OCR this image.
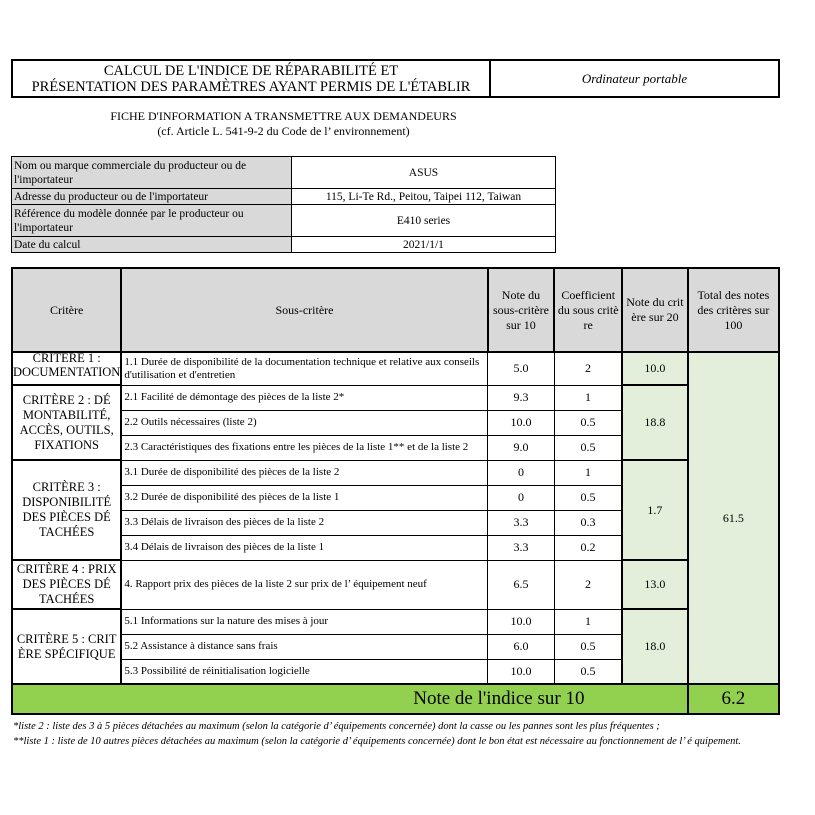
CALCUL DE L'INDICE DE RÉPARABILITÉ ET
PRÉSENTATION DES PARAMÈTRES AYANT PERMIS DE L'ÉTABLIR
Ordinateur portable
FICHE D'INFORMATION A TRANSMETTRE AUX DEMANDEURS
(cf. Article L. 541-9-2 du Code de l’ environnement)
Nom ou marque commerciale du producteur ou de l'importateur	ASUS
Adresse du producteur ou de l'importateur	115, Li-Te Rd., Peitou, Taipei 112, Taiwan
Référence du modèle donnée par le producteur ou l'importateur	E410 series
Date du calcul	2021/1/1
Critère	Sous-critère	Note du sous-critère sur 10	Coefficient du sous critè re	Note du crit ère sur 20	Total des notes des critères sur 100

CRITÈRE 1 : DOCUMENTATION	1.1 Durée de disponibilité de la documentation technique et relative aux conseils d'utilisation et d'entretien	5.0	2	10.0	61.5
CRITÈRE 2 : DÉ MONTABILITÉ, ACCÈS, OUTILS, FIXATIONS	2.1 Facilité de démontage des pièces de la liste 2*	9.3	1	18.8	
	2.2 Outils nécessaires (liste 2)	10.0	0.5		
	2.3 Caractéristiques des fixations entre les pièces de la liste 1** et de la liste 2	9.0	0.5		
CRITÈRE 3 : DISPONIBILITÉ DES PIÈCES DÉ TACHÉES	3.1 Durée de disponibilité des pièces de la liste 2	0	1	1.7	
	3.2 Durée de disponibilité des pièces de la liste 1	0	0.5		
	3.3 Délais de livraison des pièces de la liste 2	3.3	0.3		
	3.4 Délais de livraison des pièces de la liste 1	3.3	0.2		
CRITÈRE 4 : PRIX DES PIÈCES DÉ TACHÉES	4. Rapport prix des pièces de la liste 2 sur prix de l’ équipement neuf	6.5	2	13.0	
CRITÈRE 5 : CRIT ÈRE SPÉCIFIQUE	5.1 Informations sur la nature des mises à jour	10.0	1	18.0	
	5.2 Assistance à distance sans frais	6.0	0.5		
	5.3 Possibilité de réinitialisation logicielle	10.0	0.5		
Note de l'indice sur 10					6.2
*liste 2 : liste des 3 à 5 pièces détachées au maximum (selon la catégorie d’ équipements concernée) dont la casse ou les pannes sont les plus fréquentes ;
**liste 1 : liste de 10 autres pièces détachées au maximum (selon la catégorie d’ équipements concernée) dont le bon état est nécessaire au fonctionnement de l’ é quipement.
